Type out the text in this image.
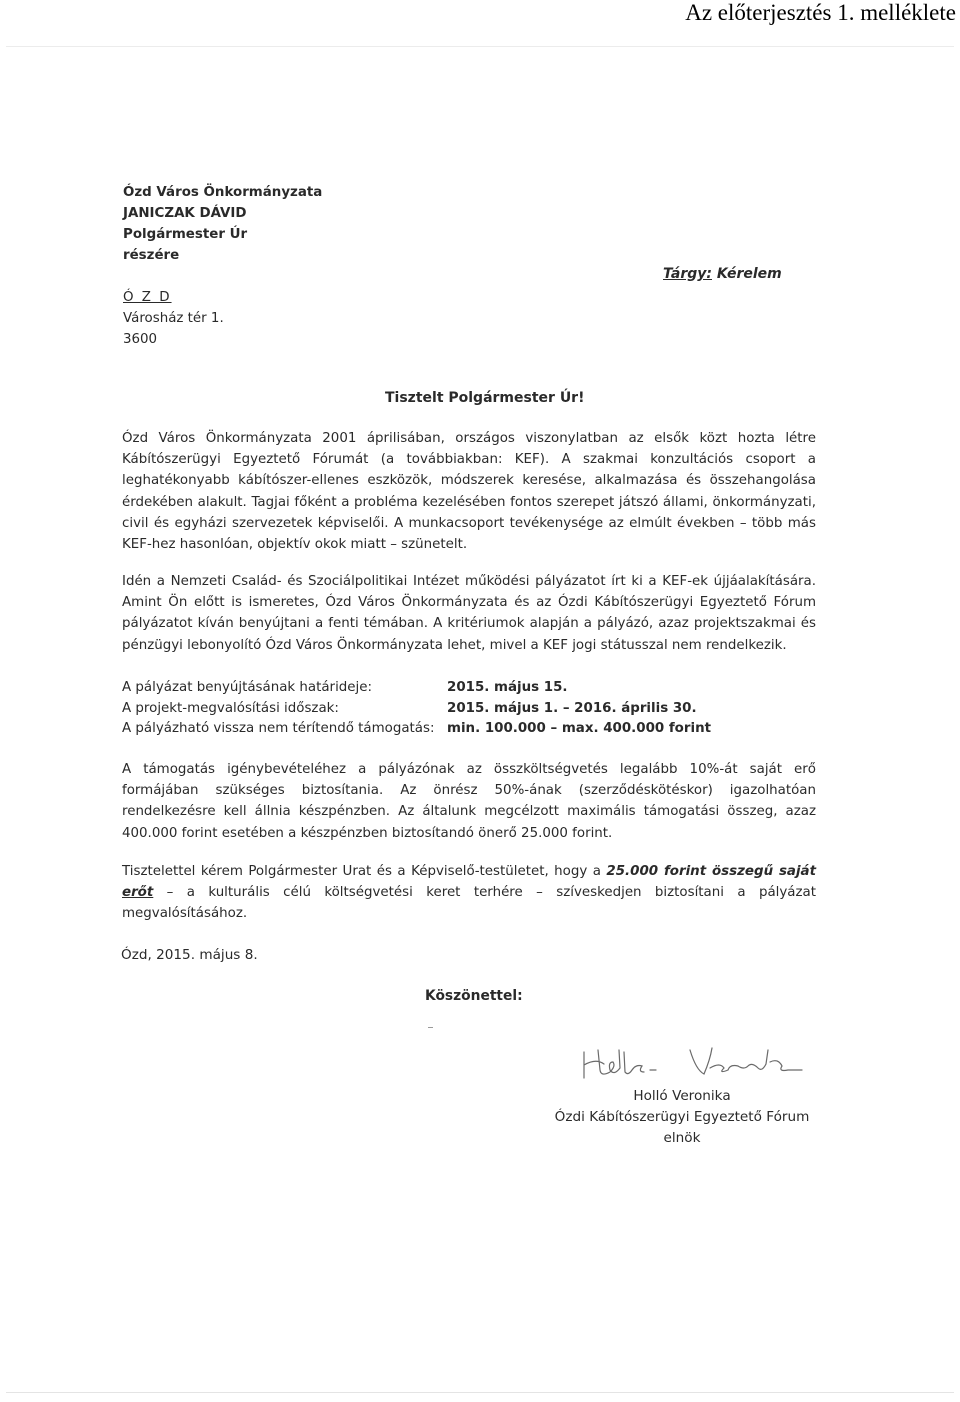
Az előterjesztés 1. melléklete
Ózd Város Önkormányzata
JANICZAK DÁVID
Polgármester Úr
részére
Ó Z D
Városház tér 1.
3600
Tárgy: Kérelem
Tisztelt Polgármester Úr!
Ózd Város Önkormányzata 2001 áprilisában, országos viszonylatban az elsők közt hozta létre Kábítószerügyi Egyeztető Fórumát (a továbbiakban: KEF). A szakmai konzultációs csoport a leghatékonyabb kábítószer-ellenes eszközök, módszerek keresése, alkalmazása és összehangolása érdekében alakult. Tagjai főként a probléma kezelésében fontos szerepet játszó állami, önkormányzati, civil és egyházi szervezetek képviselői. A munkacsoport tevékenysége az elmúlt években – több más KEF-hez hasonlóan, objektív okok miatt – szünetelt.
Idén a Nemzeti Család- és Szociálpolitikai Intézet működési pályázatot írt ki a KEF-ek újjáalakítására. Amint Ön előtt is ismeretes, Ózd Város Önkormányzata és az Ózdi Kábítószerügyi Egyeztető Fórum pályázatot kíván benyújtani a fenti témában. A kritériumok alapján a pályázó, azaz projektszakmai és pénzügyi lebonyolító Ózd Város Önkormányzata lehet, mivel a KEF jogi státusszal nem rendelkezik.
A pályázat benyújtásának határideje:	2015. május 15.
A projekt-megvalósítási időszak:	2015. május 1. – 2016. április 30.
A pályázható vissza nem térítendő támogatás: min. 100.000 – max. 400.000 forint
A támogatás igénybevételéhez a pályázónak az összköltségvetés legalább 10%-át saját erő formájában szükséges biztosítania. Az önrész 50%-ának (szerződéskötéskor) igazolhatóan rendelkezésre kell állnia készpénzben. Az általunk megcélzott maximális támogatási összeg, azaz 400.000 forint esetében a készpénzben biztosítandó önerő 25.000 forint.
Tisztelettel kérem Polgármester Urat és a Képviselő-testületet, hogy a 25.000 forint összegű saját erőt – a kulturális célú költségvetési keret terhére – szíveskedjen biztosítani a pályázat megvalósításához.
Ózd, 2015. május 8.
Köszönettel:
Holló Veronika
Ózdi Kábítószerügyi Egyeztető Fórum
elnök
